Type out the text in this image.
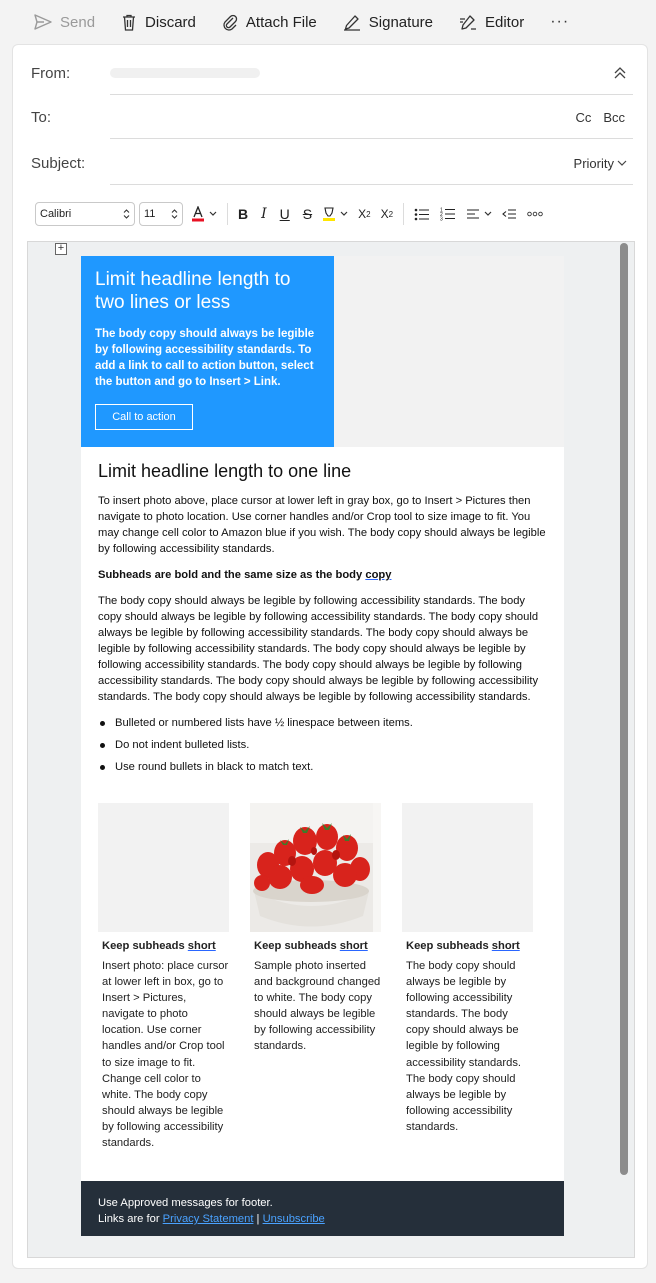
Send	Discard	Attach File	Signature	Editor ···
From:
To:	Cc Bcc
Subject:	Priority
Calibri	11	B I U S	X 2 X 2	1
2
3
Limit headline length to two lines or less

The body copy should always be legible by following accessibility standards. To add a link to call to action button, select the button and go to Insert > Link.

Call to action
Limit headline length to one line

To insert photo above, place cursor at lower left in gray box, go to Insert > Pictures then navigate to photo location. Use corner handles and/or Crop tool to size image to fit. You may change cell color to Amazon blue if you wish. The body copy should always be legible by following accessibility standards.

Subheads are bold and the same size as the body copy

The body copy should always be legible by following accessibility standards. The body copy should always be legible by following accessibility standards. The body copy should always be legible by following accessibility standards. The body copy should always be legible by following accessibility standards. The body copy should always be legible by following accessibility standards. The body copy should always be legible by following accessibility standards. The body copy should always be legible by following accessibility standards. The body copy should always be legible by following accessibility standards.

Bulleted or numbered lists have ½ linespace between items.
Do not indent bulleted lists.
Use round bullets in black to match text.
Keep subheads short
Insert photo: place cursor at lower left in box, go to Insert > Pictures, navigate to photo location. Use corner handles and/or Crop tool to size image to fit. Change cell color to white. The body copy should always be legible by following accessibility standards.
Keep subheads short
Sample photo inserted and background changed to white. The body copy should always be legible by following accessibility standards.
Keep subheads short
The body copy should always be legible by following accessibility standards. The body copy should always be legible by following accessibility standards. The body copy should always be legible by following accessibility standards.
Use Approved messages for footer.
Links are for Privacy Statement | Unsubscribe
+
